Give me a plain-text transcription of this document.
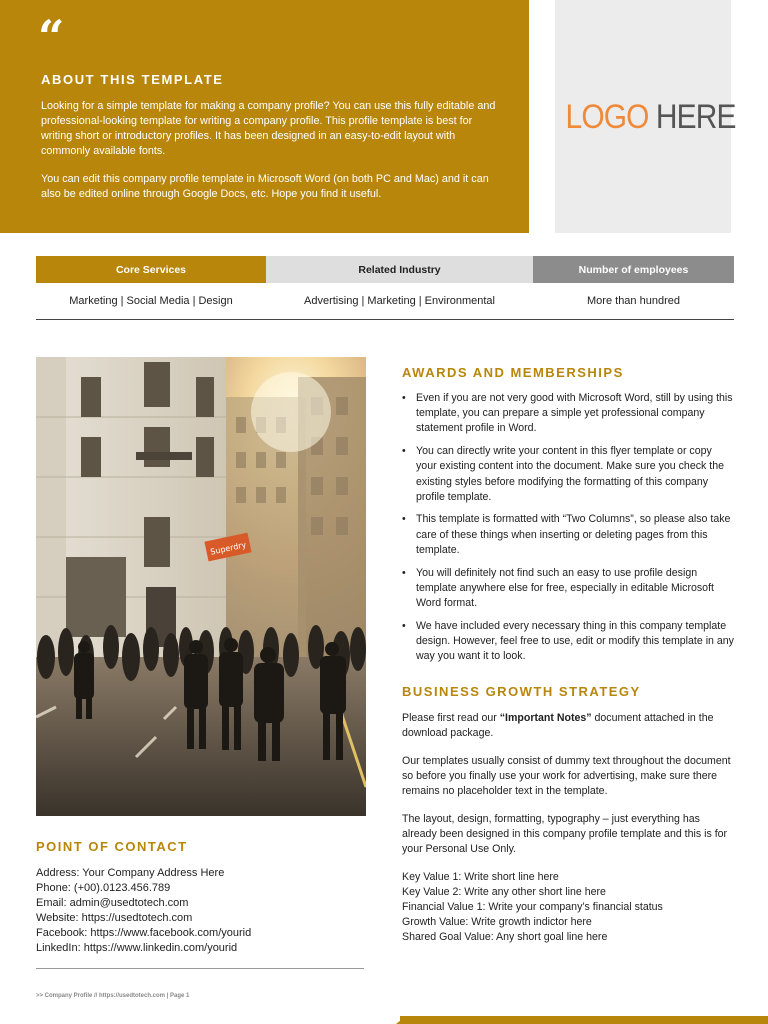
“
ABOUT THIS TEMPLATE
Looking for a simple template for making a company profile? You can use this fully editable and professional-looking template for writing a company profile. This profile template is best for writing short or introductory profiles. It has been designed in an easy-to-edit layout with commonly available fonts.
You can edit this company profile template in Microsoft Word (on both PC and Mac) and it can also be edited online through Google Docs, etc. Hope you find it useful.
LOGO HERE
Core Services	Related Industry	Number of employees
Marketing | Social Media | Design	Advertising | Marketing | Environmental	More than hundred
Superdry
POINT OF CONTACT
Address: Your Company Address Here
Phone: (+00).0123.456.789
Email: admin@usedtotech.com
Website: https://usedtotech.com
Facebook: https://www.facebook.com/yourid
LinkedIn: https://www.linkedin.com/yourid
>> Company Profile // https://usedtotech.com | Page 1
AWARDS AND MEMBERSHIPS
• Even if you are not very good with Microsoft Word, still by using this template, you can prepare a simple yet professional company statement profile in Word.
• You can directly write your content in this flyer template or copy your existing content into the document. Make sure you check the existing styles before modifying the formatting of this company profile template.
• This template is formatted with “Two Columns”, so please also take care of these things when inserting or deleting pages from this template.
• You will definitely not find such an easy to use profile design template anywhere else for free, especially in editable Microsoft Word format.
• We have included every necessary thing in this company template design. However, feel free to use, edit or modify this template in any way you want it to look.
BUSINESS GROWTH STRATEGY
Please first read our “Important Notes” document attached in the download package.
Our templates usually consist of dummy text throughout the document so before you finally use your work for advertising, make sure there remains no placeholder text in the template.
The layout, design, formatting, typography – just everything has already been designed in this company profile template and this is for your Personal Use Only.
Key Value 1: Write short line here
Key Value 2: Write any other short line here
Financial Value 1: Write your company’s financial status
Growth Value: Write growth indictor here
Shared Goal Value: Any short goal line here
